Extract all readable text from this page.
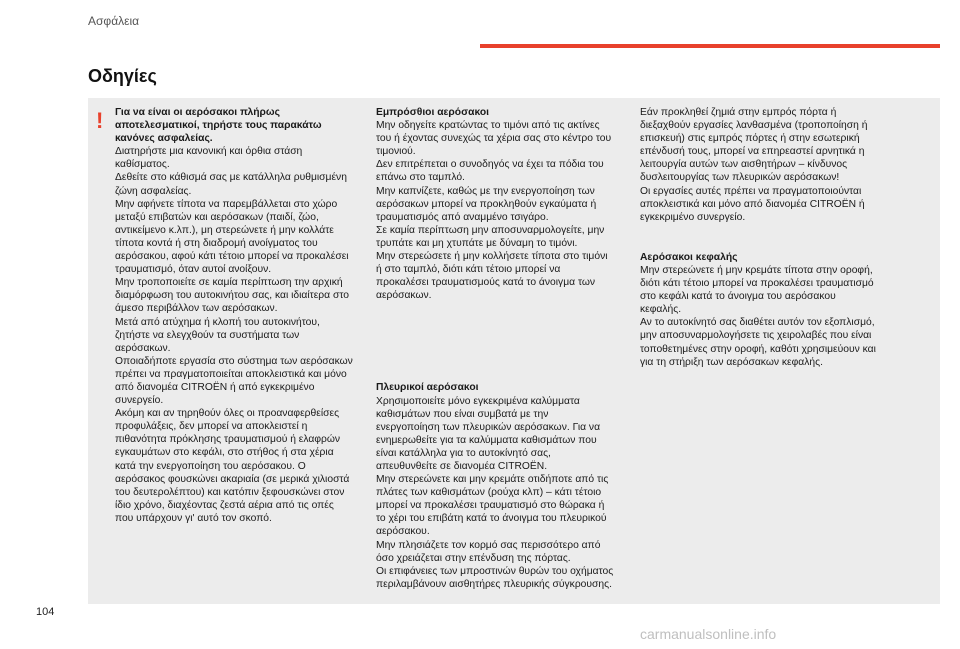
Ασφάλεια
Οδηγίες
! Για να είναι οι αερόσακοι πλήρως αποτελεσματικοί, τηρήστε τους παρακάτω κανόνες ασφαλείας.

Διατηρήστε μια κανονική και όρθια στάση καθίσματος.

Δεθείτε στο κάθισμά σας με κατάλληλα ρυθμισμένη ζώνη ασφαλείας.

Μην αφήνετε τίποτα να παρεμβάλλεται στο χώρο μεταξύ επιβατών και αερόσακων (παιδί, ζώο, αντικείμενο κ.λπ.), μη στερεώνετε ή μην κολλάτε τίποτα κοντά ή στη διαδρομή ανοίγματος του αερόσακου, αφού κάτι τέτοιο μπορεί να προκαλέσει τραυματισμό, όταν αυτοί ανοίξουν.

Μην τροποποιείτε σε καμία περίπτωση την αρχική διαμόρφωση του αυτοκινήτου σας, και ιδιαίτερα στο άμεσο περιβάλλον των αερόσακων.

Μετά από ατύχημα ή κλοπή του αυτοκινήτου, ζητήστε να ελεγχθούν τα συστήματα των αερόσακων.

Οποιαδήποτε εργασία στο σύστημα των αερόσακων πρέπει να πραγματοποιείται αποκλειστικά και μόνο από διανομέα CITROËN ή από εγκεκριμένο συνεργείο.

Ακόμη και αν τηρηθούν όλες οι προαναφερθείσες προφυλάξεις, δεν μπορεί να αποκλειστεί η πιθανότητα πρόκλησης τραυματισμού ή ελαφρών εγκαυμάτων στο κεφάλι, στο στήθος ή στα χέρια κατά την ενεργοποίηση του αερόσακου. Ο αερόσακος φουσκώνει ακαριαία (σε μερικά χιλιοστά του δευτερολέπτου) και κατόπιν ξεφουσκώνει στον ίδιο χρόνο, διαχέοντας ζεστά αέρια από τις οπές που υπάρχουν γι' αυτό τον σκοπό.

Εμπρόσθιοι αερόσακοι

Μην οδηγείτε κρατώντας το τιμόνι από τις ακτίνες του ή έχοντας συνεχώς τα χέρια σας στο κέντρο του τιμονιού.

Δεν επιτρέπεται ο συνοδηγός να έχει τα πόδια του επάνω στο ταμπλό.

Μην καπνίζετε, καθώς με την ενεργοποίηση των αερόσακων μπορεί να προκληθούν εγκαύματα ή τραυματισμός από αναμμένο τσιγάρο.

Σε καμία περίπτωση μην αποσυναρμολογείτε, μην τρυπάτε και μη χτυπάτε με δύναμη το τιμόνι.

Μην στερεώσετε ή μην κολλήσετε τίποτα στο τιμόνι ή στο ταμπλό, διότι κάτι τέτοιο μπορεί να προκαλέσει τραυματισμούς κατά το άνοιγμα των αερόσακων.

Πλευρικοί αερόσακοι

Χρησιμοποιείτε μόνο εγκεκριμένα καλύμματα καθισμάτων που είναι συμβατά με την ενεργοποίηση των πλευρικών αερόσακων. Για να ενημερωθείτε για τα καλύμματα καθισμάτων που είναι κατάλληλα για το αυτοκίνητό σας, απευθυνθείτε σε διανομέα CITROËN.

Μην στερεώνετε και μην κρεμάτε οτιδήποτε από τις πλάτες των καθισμάτων (ρούχα κλπ) – κάτι τέτοιο μπορεί να προκαλέσει τραυματισμό στο θώρακα ή το χέρι του επιβάτη κατά το άνοιγμα του πλευρικού αερόσακου.

Μην πλησιάζετε τον κορμό σας περισσότερο από όσο χρειάζεται στην επένδυση της πόρτας.

Οι επιφάνειες των μπροστινών θυρών του οχήματος περιλαμβάνουν αισθητήρες πλευρικής σύγκρουσης.

Εάν προκληθεί ζημιά στην εμπρός πόρτα ή διεξαχθούν εργασίες λανθασμένα (τροποποίηση ή επισκευή) στις εμπρός πόρτες ή στην εσωτερική επένδυσή τους, μπορεί να επηρεαστεί αρνητικά η λειτουργία αυτών των αισθητήρων – κίνδυνος δυσλειτουργίας των πλευρικών αερόσακων!

Οι εργασίες αυτές πρέπει να πραγματοποιούνται αποκλειστικά και μόνο από διανομέα CITROËN ή εγκεκριμένο συνεργείο.

Αερόσακοι κεφαλής

Μην στερεώνετε ή μην κρεμάτε τίποτα στην οροφή, διότι κάτι τέτοιο μπορεί να προκαλέσει τραυματισμό στο κεφάλι κατά το άνοιγμα του αερόσακου κεφαλής.

Αν το αυτοκίνητό σας διαθέτει αυτόν τον εξοπλισμό, μην αποσυναρμολογήσετε τις χειρολαβές που είναι τοποθετημένες στην οροφή, καθότι χρησιμεύουν και για τη στήριξη των αερόσακων κεφαλής.

104
carmanualsonline.info
